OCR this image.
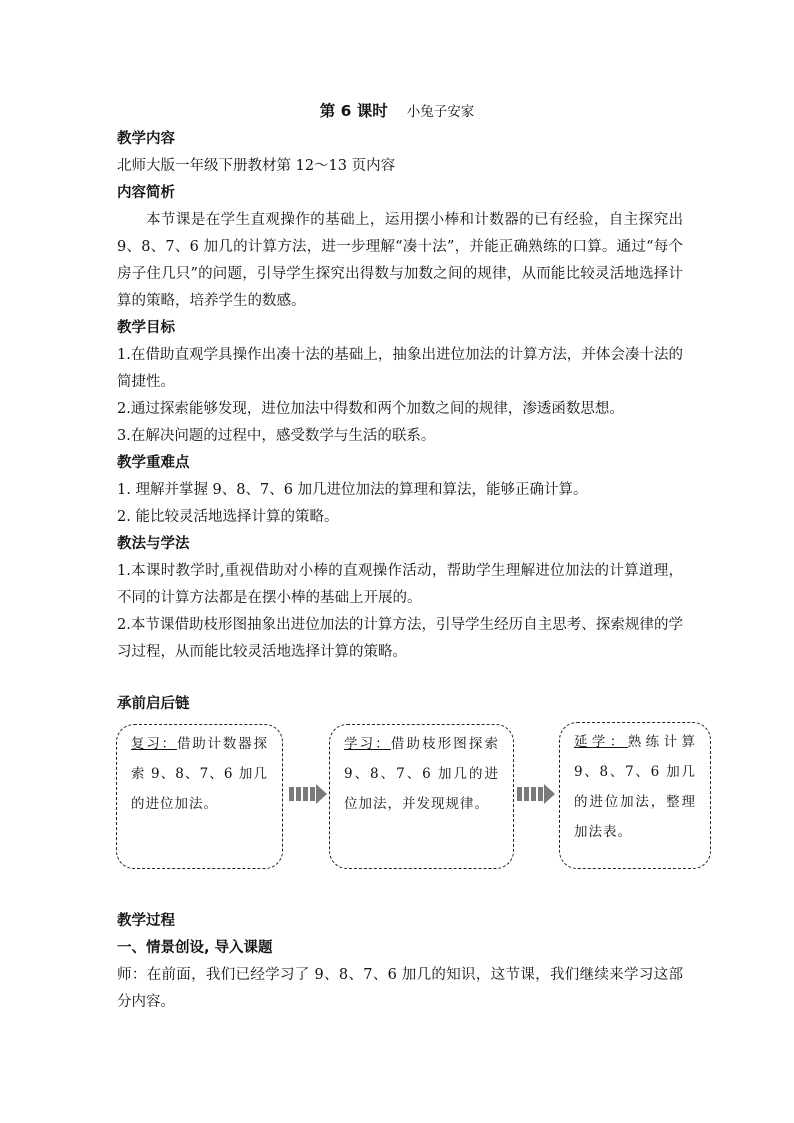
第 6 课时 小兔子安家
教学内容

北师大版一年级下册教材第 12～13 页内容

内容简析

本节课是在学生直观操作的基础上，运用摆小棒和计数器的已有经验，自主探究出 9、8、7、6 加几的计算方法，进一步理解“凑十法”，并能正确熟练的口算。通过“每个房子住几只”的问题，引导学生探究出得数与加数之间的规律，从而能比较灵活地选择计算的策略，培养学生的数感。

教学目标

1.在借助直观学具操作出凑十法的基础上，抽象出进位加法的计算方法，并体会凑十法的简捷性。

2.通过探索能够发现，进位加法中得数和两个加数之间的规律，渗透函数思想。

3.在解决问题的过程中，感受数学与生活的联系。

教学重难点

1. 理解并掌握 9、8、7、6 加几进位加法的算理和算法，能够正确计算。

2. 能比较灵活地选择计算的策略。

教法与学法

1.本课时教学时,重视借助对小棒的直观操作活动，帮助学生理解进位加法的计算道理，不同的计算方法都是在摆小棒的基础上开展的。

2.本节课借助枝形图抽象出进位加法的计算方法，引导学生经历自主思考、探索规律的学习过程，从而能比较灵活地选择计算的策略。

承前启后链
复习：借助计数器探索 9、8、7、6 加几的进位加法。
学习：借助枝形图探索 9、8、7、6 加几的进位加法，并发现规律。
延学：熟练计算 9、8、7、6 加几的进位加法，整理加法表。
教学过程
一、情景创设, 导入课题

师：在前面，我们已经学习了 9、8、7、6 加几的知识，这节课，我们继续来学习这部分内容。
